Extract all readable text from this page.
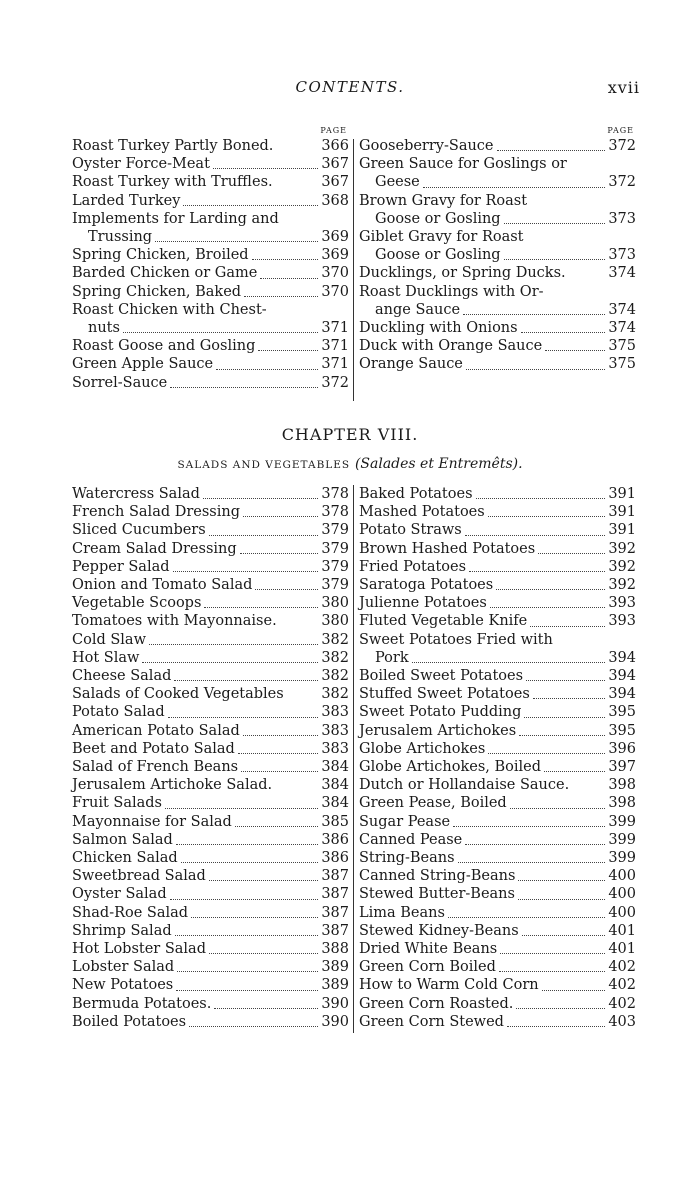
CONTENTS.	xvii
PAGE
Roast Turkey Partly Boned.	366
Oyster Force-Meat	367
Roast Turkey with Truffles.	367
Larded Turkey	368
Implements for Larding and
Trussing	369
Spring Chicken, Broiled	369
Barded Chicken or Game	370
Spring Chicken, Baked	370
Roast Chicken with Chest-
nuts	371
Roast Goose and Gosling	371
Green Apple Sauce	371
Sorrel-Sauce	372
PAGE
Gooseberry-Sauce	372
Green Sauce for Goslings or
Geese	372
Brown Gravy for Roast
Goose or Gosling	373
Giblet Gravy for Roast
Goose or Gosling	373
Ducklings, or Spring Ducks.	374
Roast Ducklings with Or-
ange Sauce	374
Duckling with Onions	374
Duck with Orange Sauce	375
Orange Sauce	375
CHAPTER VIII.
SALADS AND VEGETABLES (Salades et Entremêts).
Watercress Salad	378
French Salad Dressing	378
Sliced Cucumbers	379
Cream Salad Dressing	379
Pepper Salad	379
Onion and Tomato Salad	379
Vegetable Scoops	380
Tomatoes with Mayonnaise.	380
Cold Slaw	382
Hot Slaw	382
Cheese Salad	382
Salads of Cooked Vegetables	382
Potato Salad	383
American Potato Salad	383
Beet and Potato Salad	383
Salad of French Beans	384
Jerusalem Artichoke Salad.	384
Fruit Salads	384
Mayonnaise for Salad	385
Salmon Salad	386
Chicken Salad	386
Sweetbread Salad	387
Oyster Salad	387
Shad-Roe Salad	387
Shrimp Salad	387
Hot Lobster Salad	388
Lobster Salad	389
New Potatoes	389
Bermuda Potatoes.	390
Boiled Potatoes	390
Baked Potatoes	391
Mashed Potatoes	391
Potato Straws	391
Brown Hashed Potatoes	392
Fried Potatoes	392
Saratoga Potatoes	392
Julienne Potatoes	393
Fluted Vegetable Knife	393
Sweet Potatoes Fried with
Pork	394
Boiled Sweet Potatoes	394
Stuffed Sweet Potatoes	394
Sweet Potato Pudding	395
Jerusalem Artichokes	395
Globe Artichokes	396
Globe Artichokes, Boiled	397
Dutch or Hollandaise Sauce.	398
Green Pease, Boiled	398
Sugar Pease	399
Canned Pease	399
String-Beans	399
Canned String-Beans	400
Stewed Butter-Beans	400
Lima Beans	400
Stewed Kidney-Beans	401
Dried White Beans	401
Green Corn Boiled	402
How to Warm Cold Corn	402
Green Corn Roasted.	402
Green Corn Stewed	403
